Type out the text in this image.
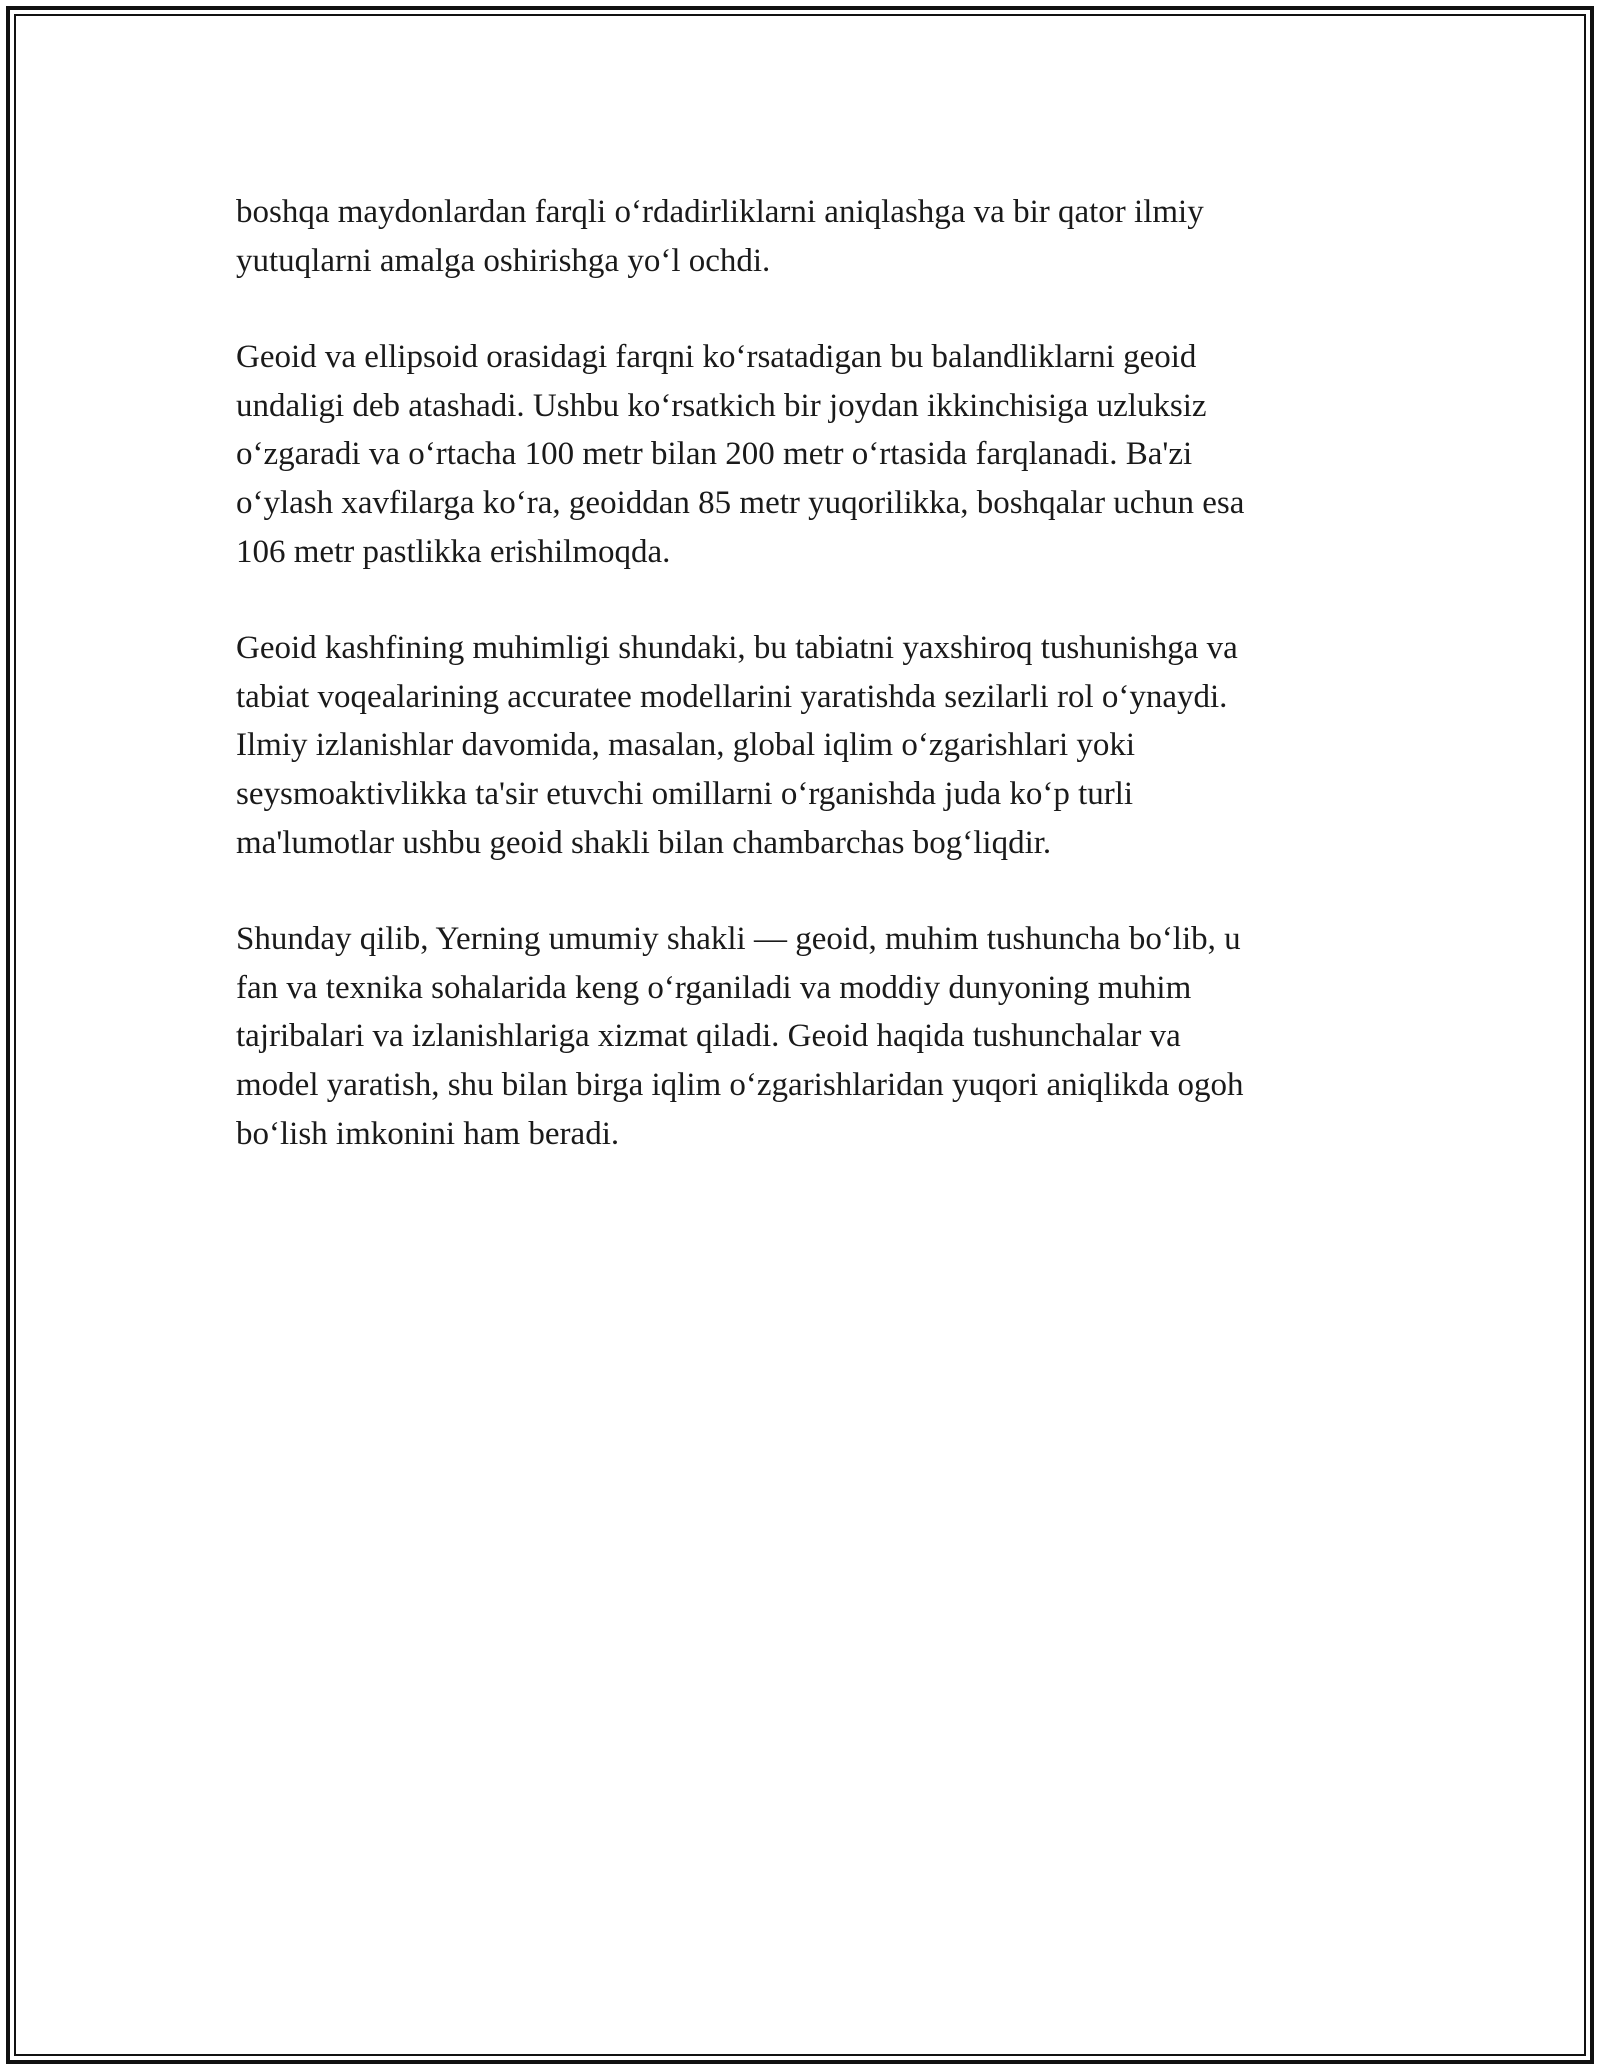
boshqa maydonlardan farqli o‘rdadirliklarni aniqlashga va bir qator ilmiy
yutuqlarni amalga oshirishga yo‘l ochdi.

Geoid va ellipsoid orasidagi farqni ko‘rsatadigan bu balandliklarni geoid
undaligi deb atashadi. Ushbu ko‘rsatkich bir joydan ikkinchisiga uzluksiz
o‘zgaradi va o‘rtacha 100 metr bilan 200 metr o‘rtasida farqlanadi. Ba'zi
o‘ylash xavfilarga ko‘ra, geoiddan 85 metr yuqorilikka, boshqalar uchun esa
106 metr pastlikka erishilmoqda.

Geoid kashfining muhimligi shundaki, bu tabiatni yaxshiroq tushunishga va
tabiat voqealarining accuratee modellarini yaratishda sezilarli rol o‘ynaydi.
Ilmiy izlanishlar davomida, masalan, global iqlim o‘zgarishlari yoki
seysmoaktivlikka ta'sir etuvchi omillarni o‘rganishda juda ko‘p turli
ma'lumotlar ushbu geoid shakli bilan chambarchas bog‘liqdir.

Shunday qilib, Yerning umumiy shakli — geoid, muhim tushuncha bo‘lib, u
fan va texnika sohalarida keng o‘rganiladi va moddiy dunyoning muhim
tajribalari va izlanishlariga xizmat qiladi. Geoid haqida tushunchalar va
model yaratish, shu bilan birga iqlim o‘zgarishlaridan yuqori aniqlikda ogoh
bo‘lish imkonini ham beradi.
